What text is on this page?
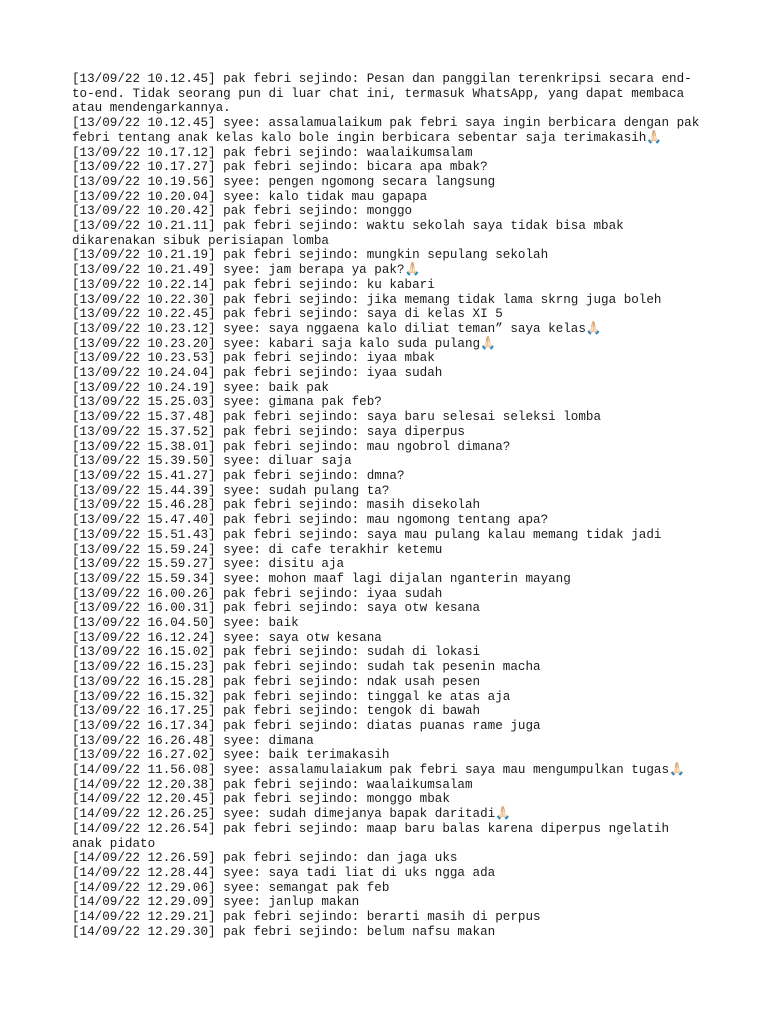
[13/09/22 10.12.45] pak febri sejindo: Pesan dan panggilan terenkripsi secara end-to-end. Tidak seorang pun di luar chat ini, termasuk WhatsApp, yang dapat membaca atau mendengarkannya.
[13/09/22 10.12.45] syee: assalamualaikum pak febri saya ingin berbicara dengan pak febri tentang anak kelas kalo bole ingin berbicara sebentar saja terimakasih🙏🏻
[13/09/22 10.17.12] pak febri sejindo: waalaikumsalam
[13/09/22 10.17.27] pak febri sejindo: bicara apa mbak?
[13/09/22 10.19.56] syee: pengen ngomong secara langsung
[13/09/22 10.20.04] syee: kalo tidak mau gapapa
[13/09/22 10.20.42] pak febri sejindo: monggo
[13/09/22 10.21.11] pak febri sejindo: waktu sekolah saya tidak bisa mbak dikarenakan sibuk perisiapan lomba
[13/09/22 10.21.19] pak febri sejindo: mungkin sepulang sekolah
[13/09/22 10.21.49] syee: jam berapa ya pak?🙏🏻
[13/09/22 10.22.14] pak febri sejindo: ku kabari
[13/09/22 10.22.30] pak febri sejindo: jika memang tidak lama skrng juga boleh
[13/09/22 10.22.45] pak febri sejindo: saya di kelas XI 5
[13/09/22 10.23.12] syee: saya nggaena kalo diliat teman” saya kelas🙏🏻
[13/09/22 10.23.20] syee: kabari saja kalo suda pulang🙏🏻
[13/09/22 10.23.53] pak febri sejindo: iyaa mbak
[13/09/22 10.24.04] pak febri sejindo: iyaa sudah
[13/09/22 10.24.19] syee: baik pak
[13/09/22 15.25.03] syee: gimana pak feb?
[13/09/22 15.37.48] pak febri sejindo: saya baru selesai seleksi lomba
[13/09/22 15.37.52] pak febri sejindo: saya diperpus
[13/09/22 15.38.01] pak febri sejindo: mau ngobrol dimana?
[13/09/22 15.39.50] syee: diluar saja
[13/09/22 15.41.27] pak febri sejindo: dmna?
[13/09/22 15.44.39] syee: sudah pulang ta?
[13/09/22 15.46.28] pak febri sejindo: masih disekolah
[13/09/22 15.47.40] pak febri sejindo: mau ngomong tentang apa?
[13/09/22 15.51.43] pak febri sejindo: saya mau pulang kalau memang tidak jadi
[13/09/22 15.59.24] syee: di cafe terakhir ketemu
[13/09/22 15.59.27] syee: disitu aja
[13/09/22 15.59.34] syee: mohon maaf lagi dijalan nganterin mayang
[13/09/22 16.00.26] pak febri sejindo: iyaa sudah
[13/09/22 16.00.31] pak febri sejindo: saya otw kesana
[13/09/22 16.04.50] syee: baik
[13/09/22 16.12.24] syee: saya otw kesana
[13/09/22 16.15.02] pak febri sejindo: sudah di lokasi
[13/09/22 16.15.23] pak febri sejindo: sudah tak pesenin macha
[13/09/22 16.15.28] pak febri sejindo: ndak usah pesen
[13/09/22 16.15.32] pak febri sejindo: tinggal ke atas aja
[13/09/22 16.17.25] pak febri sejindo: tengok di bawah
[13/09/22 16.17.34] pak febri sejindo: diatas puanas rame juga
[13/09/22 16.26.48] syee: dimana
[13/09/22 16.27.02] syee: baik terimakasih
[14/09/22 11.56.08] syee: assalamulaiakum pak febri saya mau mengumpulkan tugas🙏🏻
[14/09/22 12.20.38] pak febri sejindo: waalaikumsalam
[14/09/22 12.20.45] pak febri sejindo: monggo mbak
[14/09/22 12.26.25] syee: sudah dimejanya bapak daritadi🙏🏻
[14/09/22 12.26.54] pak febri sejindo: maap baru balas karena diperpus ngelatih anak pidato
[14/09/22 12.26.59] pak febri sejindo: dan jaga uks
[14/09/22 12.28.44] syee: saya tadi liat di uks ngga ada
[14/09/22 12.29.06] syee: semangat pak feb
[14/09/22 12.29.09] syee: janlup makan
[14/09/22 12.29.21] pak febri sejindo: berarti masih di perpus
[14/09/22 12.29.30] pak febri sejindo: belum nafsu makan
